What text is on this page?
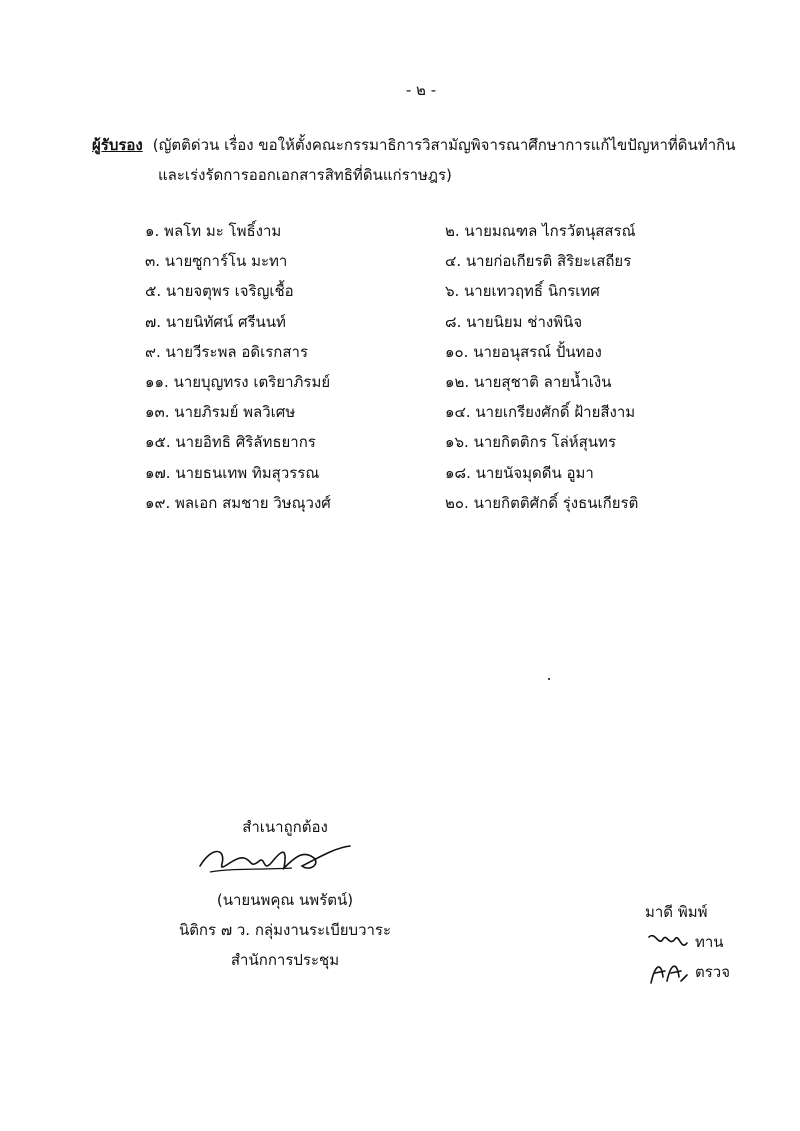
- ๒ -
ผู้รับรอง (ญัตติด่วน เรื่อง ขอให้ตั้งคณะกรรมาธิการวิสามัญพิจารณาศึกษาการแก้ไขปัญหาที่ดินทำกิน
และเร่งรัดการออกเอกสารสิทธิที่ดินแก่ราษฎร)
๑. พลโท มะ โพธิ์งาม
๓. นายซูการ์โน มะทา
๕. นายจตุพร เจริญเชื้อ
๗. นายนิทัศน์ ศรีนนท์
๙. นายวีระพล อดิเรกสาร
๑๑. นายบุญทรง เตริยาภิรมย์
๑๓. นายภิรมย์ พลวิเศษ
๑๕. นายอิทธิ ศิริลัทธยากร
๑๗. นายธนเทพ ทิมสุวรรณ
๑๙. พลเอก สมชาย วิษณุวงศ์
๒. นายมณฑล ไกรวัตนุสสรณ์
๔. นายก่อเกียรติ สิริยะเสถียร
๖. นายเทวฤทธิ์ นิกรเทศ
๘. นายนิยม ช่างพินิจ
๑๐. นายอนุสรณ์ ปั้นทอง
๑๒. นายสุชาติ ลายน้ำเงิน
๑๔. นายเกรียงศักดิ์ ฝ้ายสีงาม
๑๖. นายกิตติกร โล่ห์สุนทร
๑๘. นายนัจมุดดีน อูมา
๒๐. นายกิตติศักดิ์ รุ่งธนเกียรติ
สำเนาถูกต้อง
(นายนพคุณ นพรัตน์)
นิติกร ๗ ว. กลุ่มงานระเบียบวาระ
สำนักการประชุม
มาดี พิมพ์
ทาน
ตรวจ
